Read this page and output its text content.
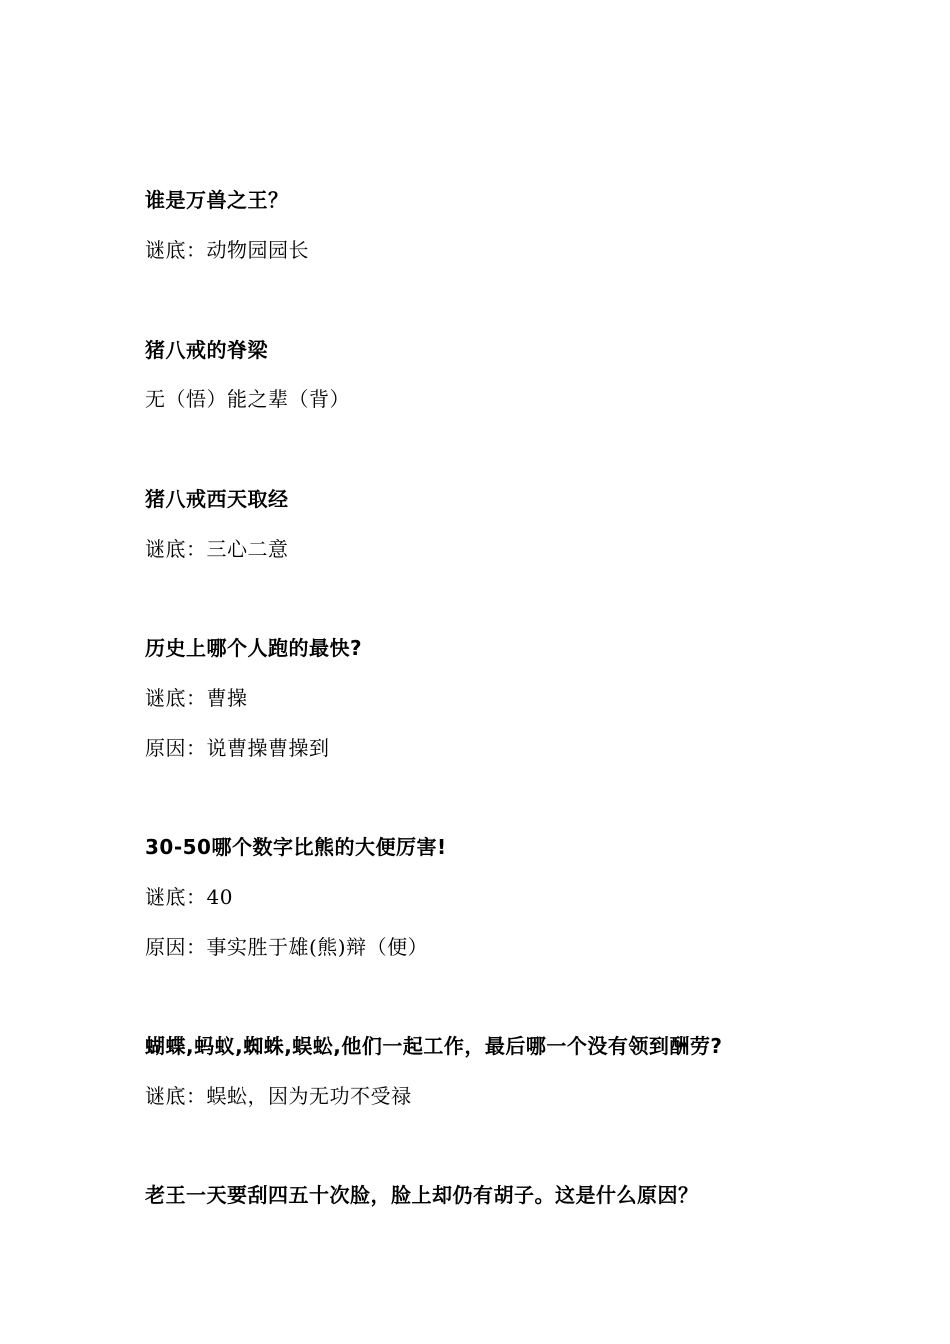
谁是万兽之王？
谜底：动物园园长
猪八戒的脊梁
无（悟）能之辈（背）
猪八戒西天取经
谜底：三心二意
历史上哪个人跑的最快?
谜底：曹操
原因：说曹操曹操到
30-50哪个数字比熊的大便厉害!
谜底：40
原因：事实胜于雄(熊)辩（便）
蝴蝶,蚂蚁,蜘蛛,蜈蚣,他们一起工作，最后哪一个没有领到酬劳?
谜底：蜈蚣，因为无功不受禄
老王一天要刮四五十次脸，脸上却仍有胡子。这是什么原因？
